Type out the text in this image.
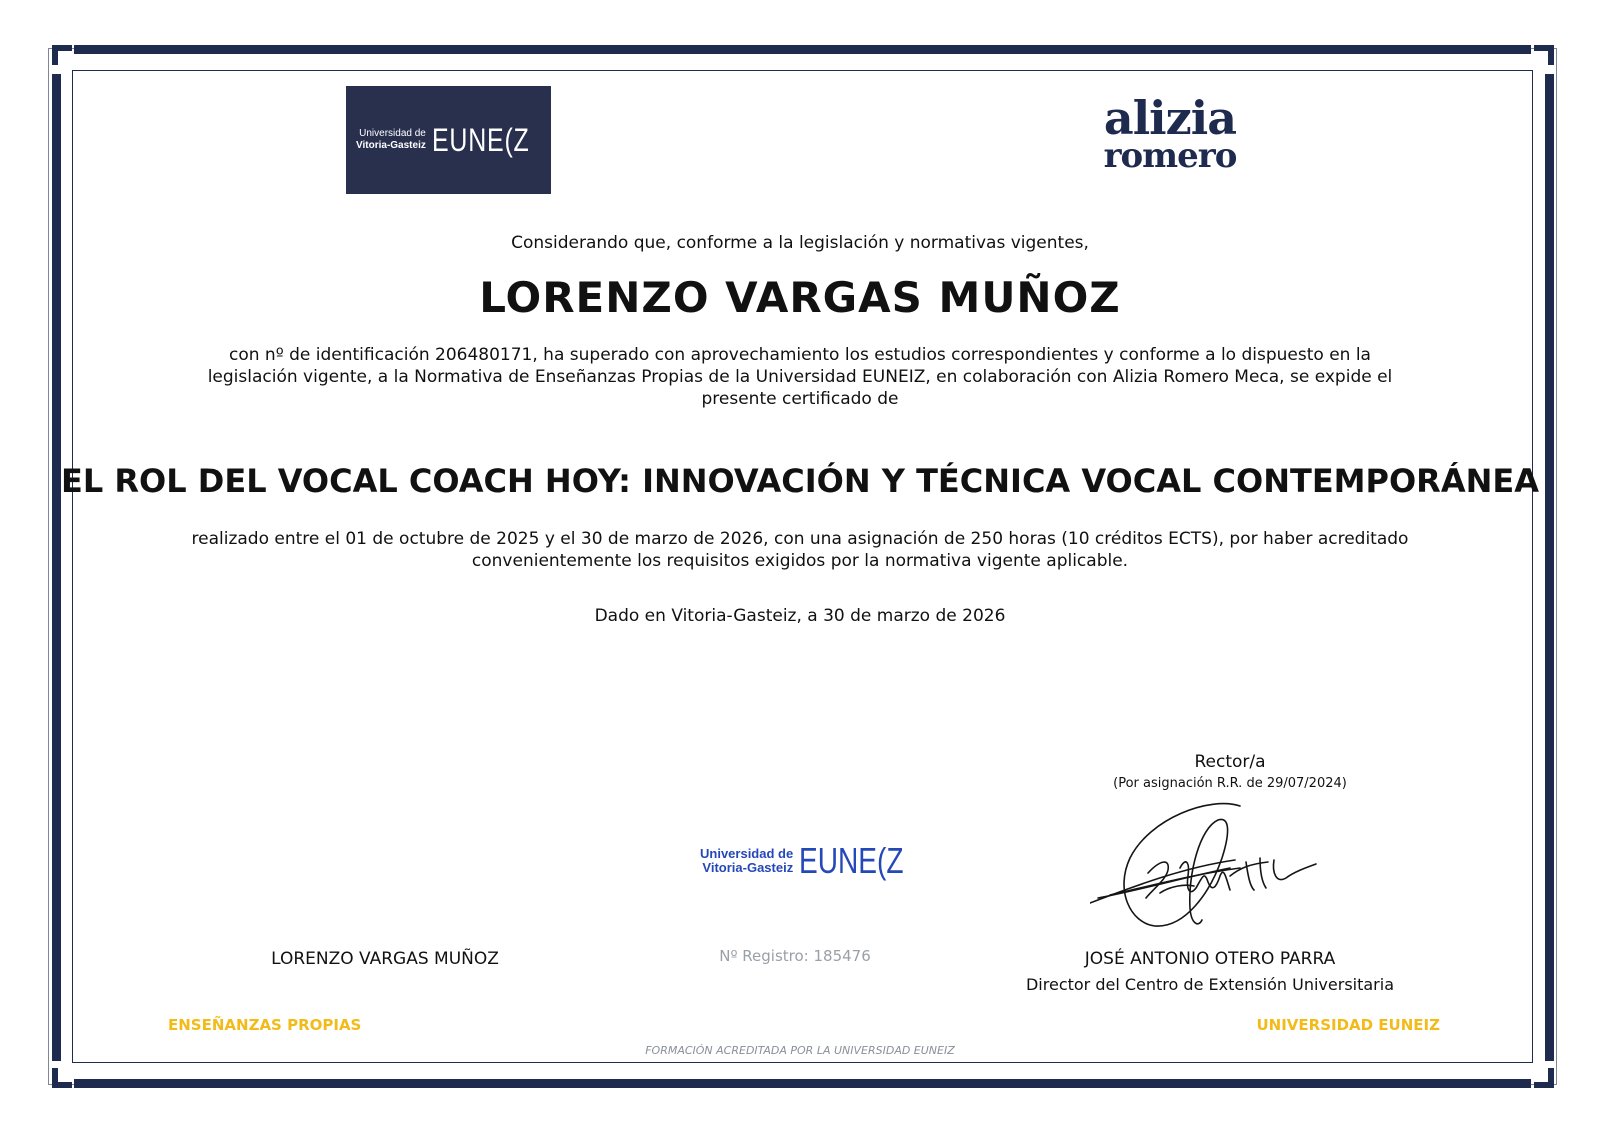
Universidad de
Vitoria-Gasteiz EUNE(Z	alizia
romero
Considerando que, conforme a la legislación y normativas vigentes,
LORENZO VARGAS MUÑOZ
con nº de identificación 206480171, ha superado con aprovechamiento los estudios correspondientes y conforme a lo dispuesto en la legislación vigente, a la Normativa de Enseñanzas Propias de la Universidad EUNEIZ, en colaboración con Alizia Romero Meca, se expide el presente certificado de
EL ROL DEL VOCAL COACH HOY: INNOVACIÓN Y TÉCNICA VOCAL CONTEMPORÁNEA
realizado entre el 01 de octubre de 2025 y el 30 de marzo de 2026, con una asignación de 250 horas (10 créditos ECTS), por haber acreditado convenientemente los requisitos exigidos por la normativa vigente aplicable.
Dado en Vitoria-Gasteiz, a 30 de marzo de 2026
Rector/a
(Por asignación R.R. de 29/07/2024)
Universidad de
Vitoria-Gasteiz EUNE(Z
LORENZO VARGAS MUÑOZ	Nº Registro: 185476	JOSÉ ANTONIO OTERO PARRA
Director del Centro de Extensión Universitaria
ENSEÑANZAS PROPIAS	UNIVERSIDAD EUNEIZ
FORMACIÓN ACREDITADA POR LA UNIVERSIDAD EUNEIZ
